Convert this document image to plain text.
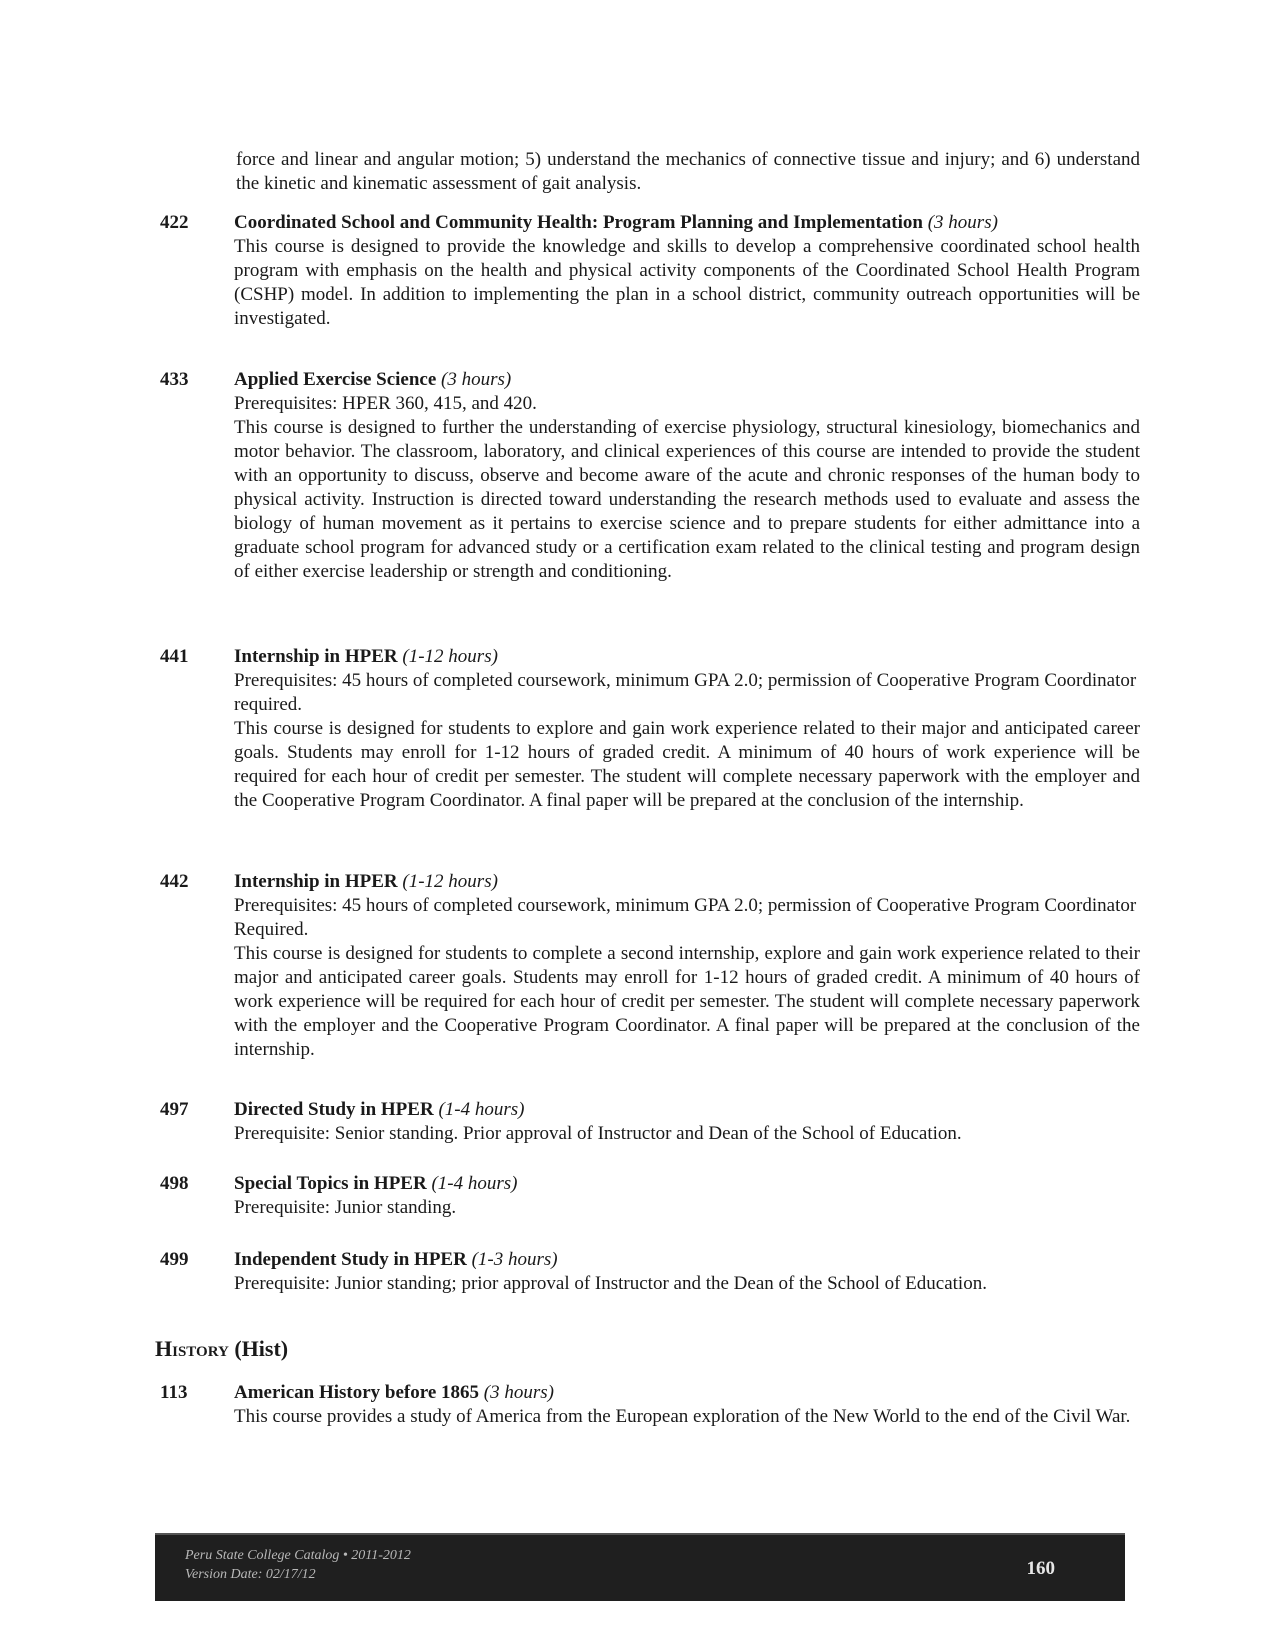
force and linear and angular motion; 5) understand the mechanics of connective tissue and injury; and 6) understand the kinetic and kinematic assessment of gait analysis.
422	Coordinated School and Community Health: Program Planning and Implementation (3 hours)
This course is designed to provide the knowledge and skills to develop a comprehensive coordinated school health program with emphasis on the health and physical activity components of the Coordinated School Health Program (CSHP) model. In addition to implementing the plan in a school district, community outreach opportunities will be investigated.
433	Applied Exercise Science (3 hours)
Prerequisites: HPER 360, 415, and 420.
This course is designed to further the understanding of exercise physiology, structural kinesiology, biomechanics and motor behavior. The classroom, laboratory, and clinical experiences of this course are intended to provide the student with an opportunity to discuss, observe and become aware of the acute and chronic responses of the human body to physical activity. Instruction is directed toward understanding the research methods used to evaluate and assess the biology of human movement as it pertains to exercise science and to prepare students for either admittance into a graduate school program for advanced study or a certification exam related to the clinical testing and program design of either exercise leadership or strength and conditioning.
441	Internship in HPER (1-12 hours)
Prerequisites: 45 hours of completed coursework, minimum GPA 2.0; permission of Cooperative Program Coordinator required.
This course is designed for students to explore and gain work experience related to their major and anticipated career goals. Students may enroll for 1-12 hours of graded credit. A minimum of 40 hours of work experience will be required for each hour of credit per semester. The student will complete necessary paperwork with the employer and the Cooperative Program Coordinator. A final paper will be prepared at the conclusion of the internship.
442	Internship in HPER (1-12 hours)
Prerequisites: 45 hours of completed coursework, minimum GPA 2.0; permission of Cooperative Program Coordinator Required.
This course is designed for students to complete a second internship, explore and gain work experience related to their major and anticipated career goals. Students may enroll for 1-12 hours of graded credit. A minimum of 40 hours of work experience will be required for each hour of credit per semester. The student will complete necessary paperwork with the employer and the Cooperative Program Coordinator. A final paper will be prepared at the conclusion of the internship.
497	Directed Study in HPER (1-4 hours)
Prerequisite: Senior standing. Prior approval of Instructor and Dean of the School of Education.
498	Special Topics in HPER (1-4 hours)
Prerequisite: Junior standing.
499	Independent Study in HPER (1-3 hours)
Prerequisite: Junior standing; prior approval of Instructor and the Dean of the School of Education.
History (Hist)
113	American History before 1865 (3 hours)
This course provides a study of America from the European exploration of the New World to the end of the Civil War.
Peru State College Catalog • 2011-2012
Version Date: 02/17/12	160
